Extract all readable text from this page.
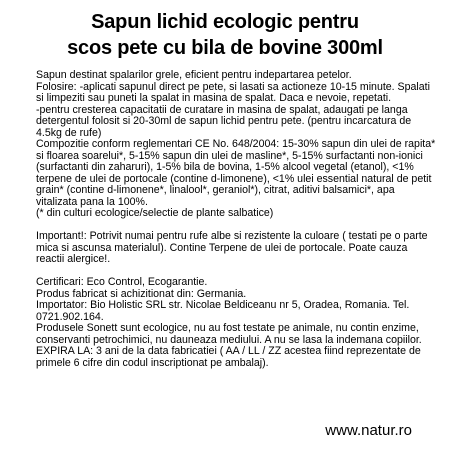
Sapun lichid ecologic pentru
scos pete cu bila de bovine 300ml

Sapun destinat spalarilor grele, eficient pentru indepartarea petelor.

Folosire: -aplicati sapunul direct pe pete, si lasati sa actioneze 10-15 minute. Spalati si limpeziti sau puneti la spalat in masina de spalat. Daca e nevoie, repetati.

-pentru cresterea capacitatii de curatare in masina de spalat, adaugati pe langa detergentul folosit si 20-30ml de sapun lichid pentru pete. (pentru incarcatura de 4.5kg de rufe)

Compozitie conform reglementari CE No. 648/2004: 15-30% sapun din ulei de rapita* si floarea soarelui*, 5-15% sapun din ulei de masline*, 5-15% surfactanti non-ionici (surfactanti din zaharuri), 1-5% bila de bovina, 1-5% alcool vegetal (etanol), <1% terpene de ulei de portocale (contine d-limonene), <1% ulei essential natural de petit grain* (contine d-limonene*, linalool*, geraniol*), citrat, aditivi balsamici*, apa vitalizata pana la 100%.

(* din culturi ecologice/selectie de plante salbatice)

Important!: Potrivit numai pentru rufe albe si rezistente la culoare ( testati pe o parte mica si ascunsa materialul). Contine Terpene de ulei de portocale. Poate cauza reactii alergice!.

Certificari: Eco Control, Ecogarantie.

Produs fabricat si achizitionat din: Germania.

Importator: Bio Holistic SRL str. Nicolae Beldiceanu nr 5, Oradea, Romania. Tel. 0721.902.164.

Produsele Sonett sunt ecologice, nu au fost testate pe animale, nu contin enzime, conservanti petrochimici, nu dauneaza mediului. A nu se lasa la indemana copiilor.

EXPIRA LA: 3 ani de la data fabricatiei ( AA / LL / ZZ acestea fiind reprezentate de primele 6 cifre din codul inscriptionat pe ambalaj).

www.natur.ro
